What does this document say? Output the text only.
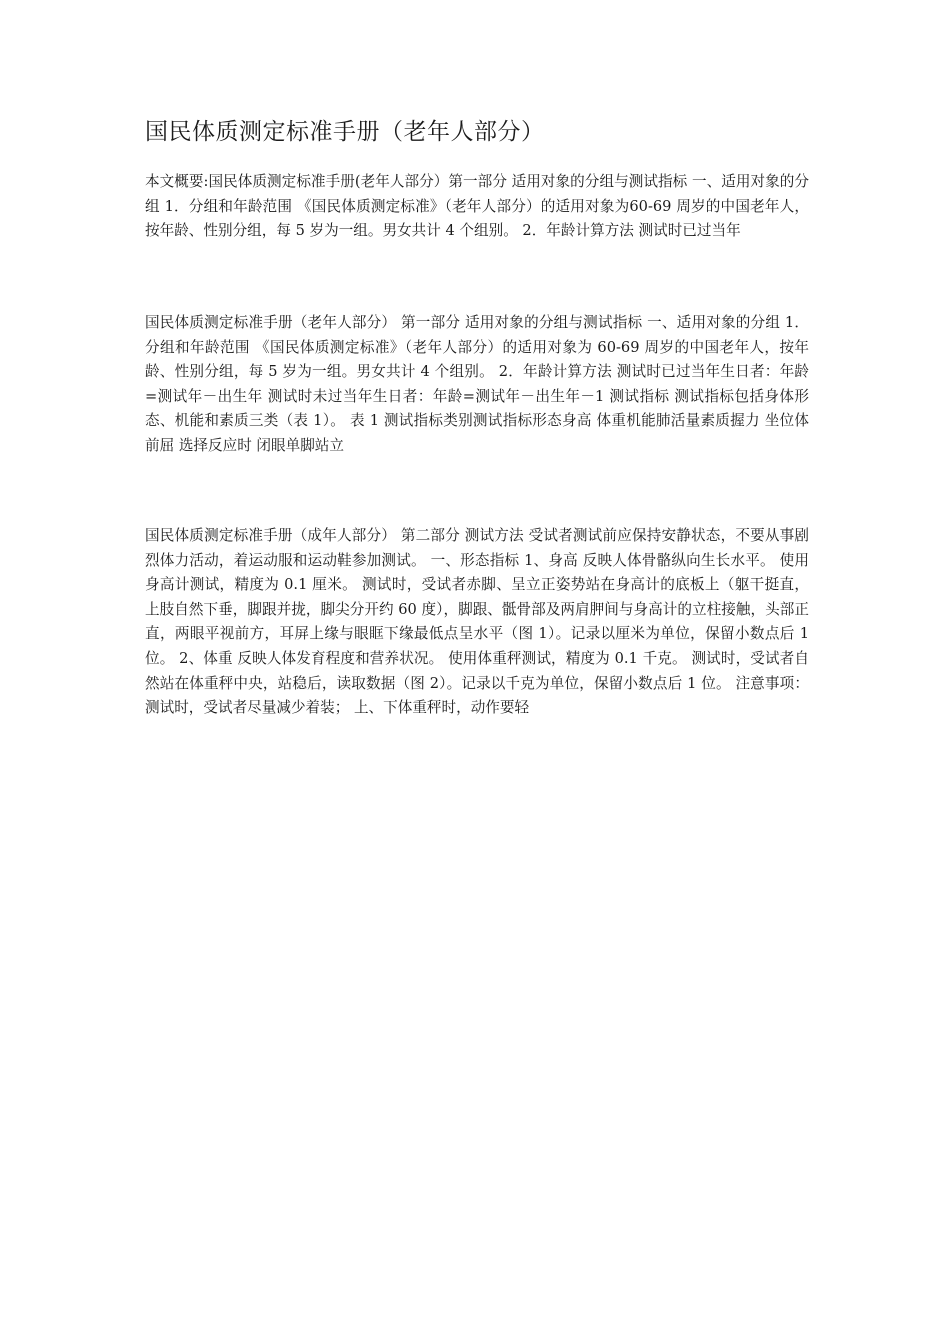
国民体质测定标准手册（老年人部分）

本文概要:国民体质测定标准手册(老年人部分）第一部分 适用对象的分组与测试指标 一、适用对象的分组 1．分组和年龄范围 《国民体质测定标准》（老年人部分）的适用对象为60-69 周岁的中国老年人，按年龄、性别分组，每 5 岁为一组。男女共计 4 个组别。 2．年龄计算方法 测试时已过当年

国民体质测定标准手册（老年人部分） 第一部分 适用对象的分组与测试指标 一、适用对象的分组 1．分组和年龄范围 《国民体质测定标准》（老年人部分）的适用对象为 60-69 周岁的中国老年人，按年龄、性别分组，每 5 岁为一组。男女共计 4 个组别。 2．年龄计算方法 测试时已过当年生日者：年龄=测试年－出生年 测试时未过当年生日者：年龄=测试年－出生年－1 测试指标 测试指标包括身体形态、机能和素质三类（表 1）。 表 1 测试指标类别测试指标形态身高 体重机能肺活量素质握力 坐位体前屈 选择反应时 闭眼单脚站立

国民体质测定标准手册（成年人部分） 第二部分 测试方法 受试者测试前应保持安静状态，不要从事剧烈体力活动，着运动服和运动鞋参加测试。 一、形态指标 1、身高 反映人体骨骼纵向生长水平。 使用身高计测试，精度为 0.1 厘米。 测试时，受试者赤脚、呈立正姿势站在身高计的底板上（躯干挺直，上肢自然下垂，脚跟并拢，脚尖分开约 60 度），脚跟、骶骨部及两肩胛间与身高计的立柱接触，头部正直，两眼平视前方，耳屏上缘与眼眶下缘最低点呈水平（图 1）。记录以厘米为单位，保留小数点后 1 位。 2、体重 反映人体发育程度和营养状况。 使用体重秤测试，精度为 0.1 千克。 测试时，受试者自然站在体重秤中央，站稳后，读取数据（图 2）。记录以千克为单位，保留小数点后 1 位。 注意事项： 测试时，受试者尽量减少着装； 上、下体重秤时，动作要轻
